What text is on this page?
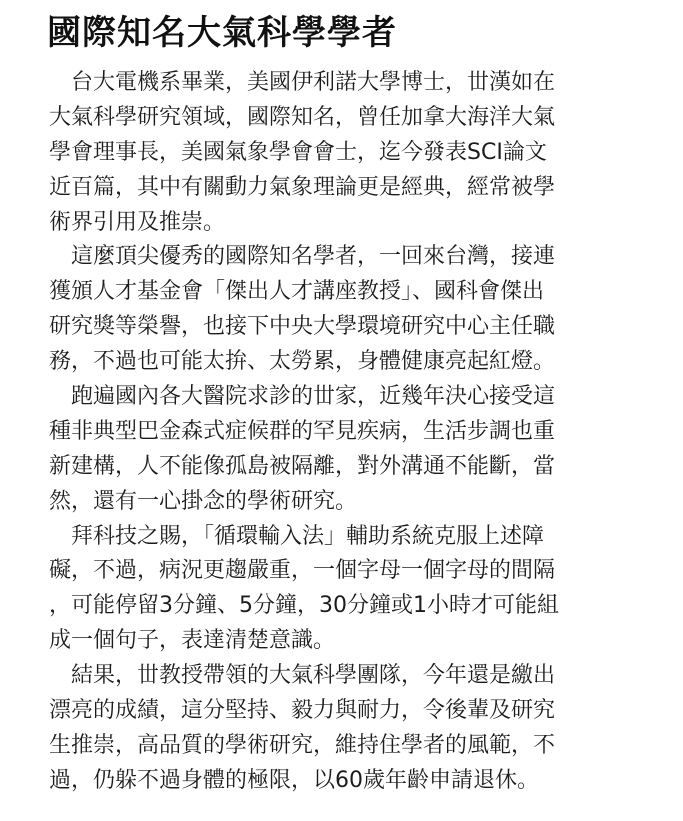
國際知名大氣科學學者
　台大電機系畢業，美國伊利諾大學博士，丗漢如在
大氣科學研究領域，國際知名，曾任加拿大海洋大氣
學會理事長，美國氣象學會會士，迄今發表SCI論文
近百篇，其中有關動力氣象理論更是經典，經常被學
術界引用及推崇。
　這麼頂尖優秀的國際知名學者，一回來台灣，接連
獲頒人才基金會「傑出人才講座教授」、國科會傑出
研究獎等榮譽，也接下中央大學環境研究中心主任職
務，不過也可能太拚、太勞累，身體健康亮起紅燈。
　跑遍國內各大醫院求診的丗家，近幾年決心接受這
種非典型巴金森式症候群的罕見疾病，生活步調也重
新建構，人不能像孤島被隔離，對外溝通不能斷，當
然，還有一心掛念的學術研究。
　拜科技之賜，「循環輸入法」輔助系統克服上述障
礙，不過，病況更趨嚴重，一個字母一個字母的間隔
，可能停留3分鐘、5分鐘，30分鐘或1小時才可能組
成一個句子，表達清楚意識。
　結果，丗教授帶領的大氣科學團隊，今年還是繳出
漂亮的成績，這分堅持、毅力與耐力，令後輩及研究
生推崇，高品質的學術研究，維持住學者的風範，不
過，仍躲不過身體的極限，以60歲年齡申請退休。
